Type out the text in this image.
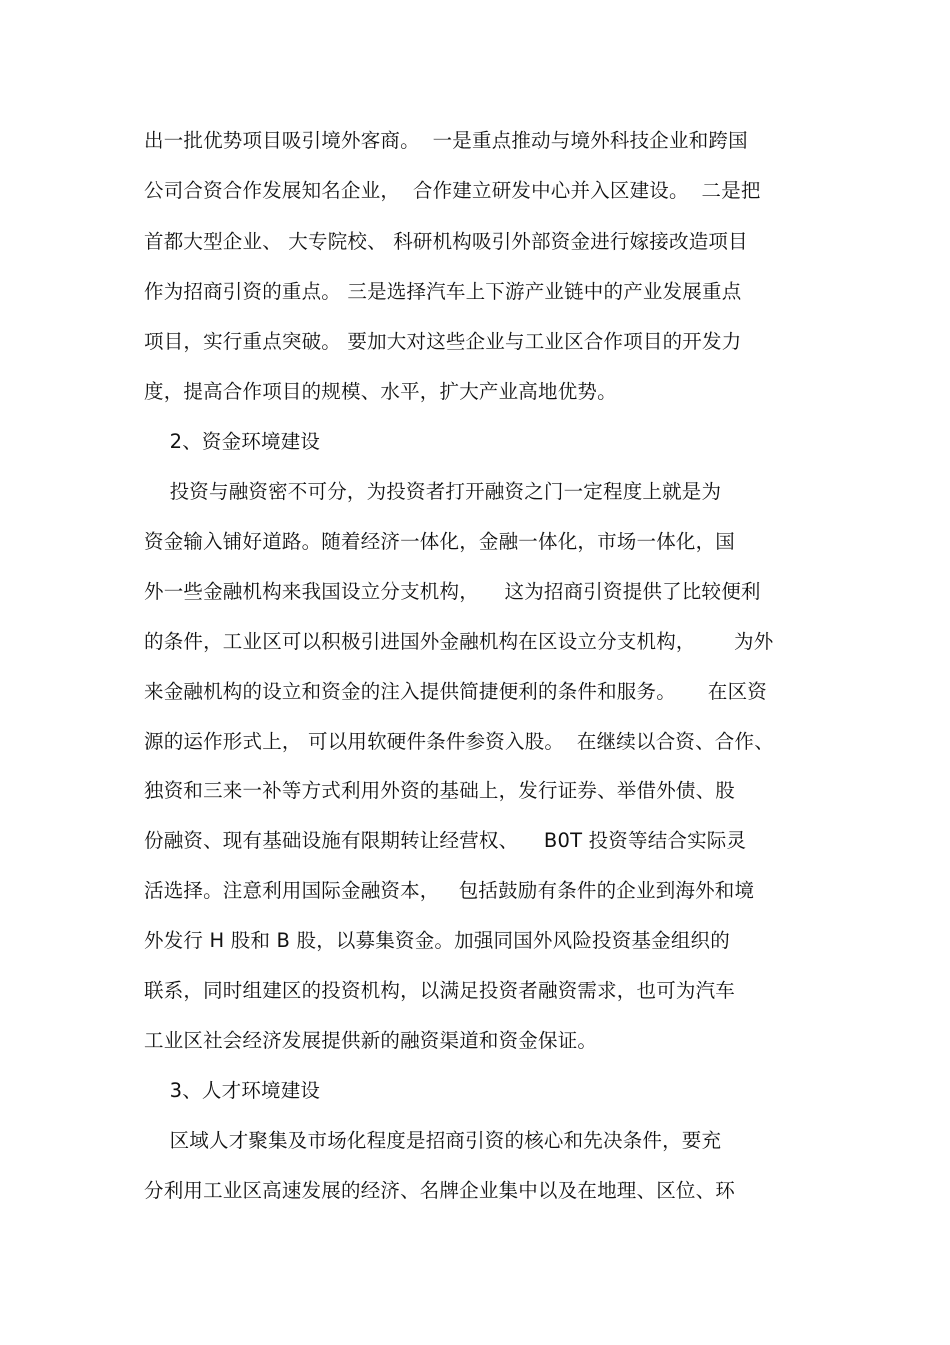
出一批优势项目吸引境外客商。  一是重点推动与境外科技企业和跨国
公司合资合作发展知名企业，  合作建立研发中心并入区建设。  二是把
首都大型企业、 大专院校、 科研机构吸引外部资金进行嫁接改造项目
作为招商引资的重点。 三是选择汽车上下游产业链中的产业发展重点
项目，实行重点突破。 要加大对这些企业与工业区合作项目的开发力
度，提高合作项目的规模、水平，扩大产业高地优势。
2、资金环境建设
投资与融资密不可分，为投资者打开融资之门一定程度上就是为
资金输入铺好道路。随着经济一体化，金融一体化，市场一体化，国
外一些金融机构来我国设立分支机构，    这为招商引资提供了比较便利
的条件，工业区可以积极引进国外金融机构在区设立分支机构，      为外
来金融机构的设立和资金的注入提供简捷便利的条件和服务。     在区资
源的运作形式上， 可以用软硬件条件参资入股。  在继续以合资、合作、
独资和三来一补等方式利用外资的基础上，发行证券、举借外债、股
份融资、现有基础设施有限期转让经营权、    B0T 投资等结合实际灵
活选择。注意利用国际金融资本，   包括鼓励有条件的企业到海外和境
外发行 H 股和 B 股，以募集资金。加强同国外风险投资基金组织的
联系，同时组建区的投资机构，以满足投资者融资需求，也可为汽车
工业区社会经济发展提供新的融资渠道和资金保证。
3、人才环境建设
区域人才聚集及市场化程度是招商引资的核心和先决条件，要充
分利用工业区高速发展的经济、名牌企业集中以及在地理、区位、环
